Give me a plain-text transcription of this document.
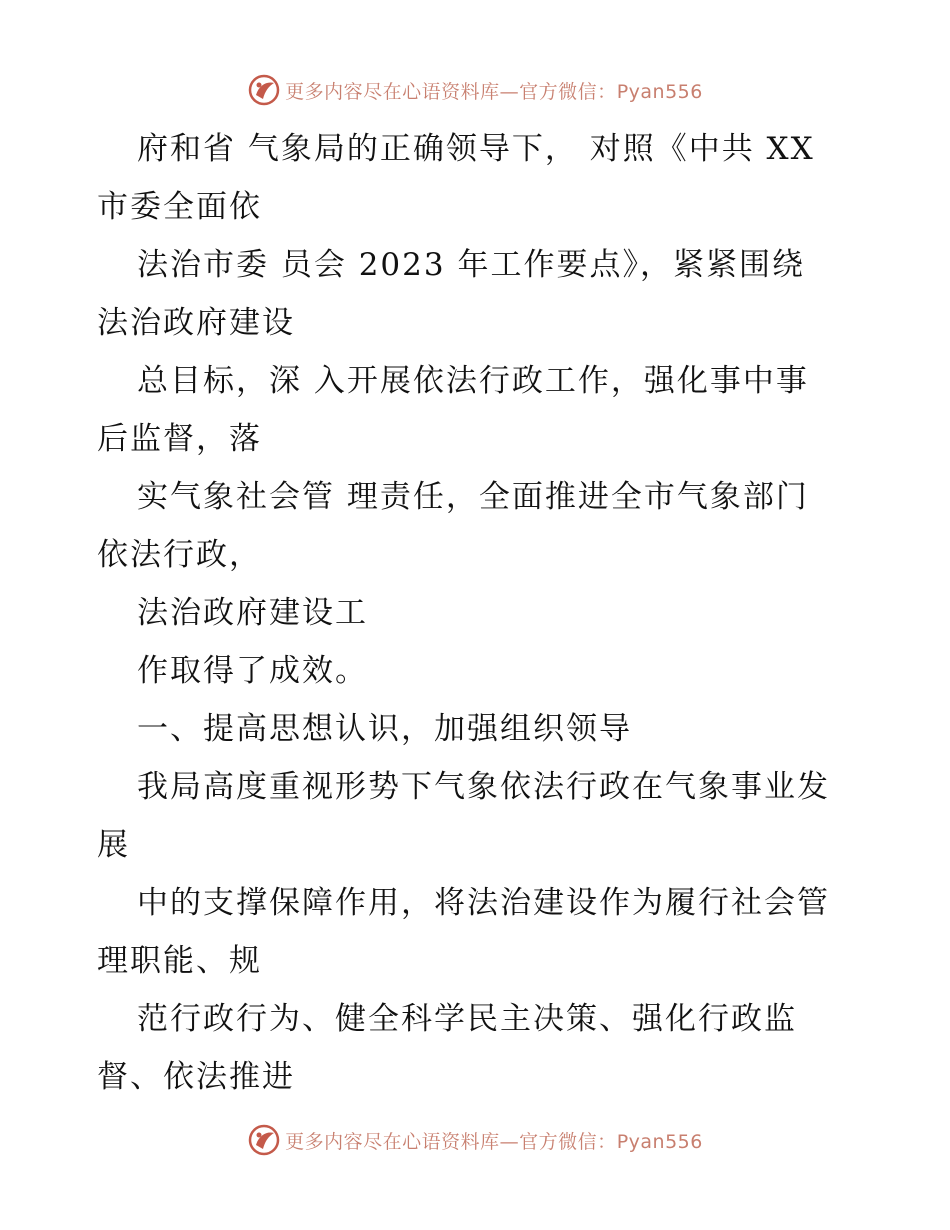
更多内容尽在心语资料库—官方微信：Pyan556
府和省 气象局的正确领导下， 对照《中共 XX
市委全面依
法治市委 员会 2023 年工作要点》，紧紧围绕
法治政府建设
总目标，深 入开展依法行政工作，强化事中事
后监督，落
实气象社会管 理责任，全面推进全市气象部门
依法行政，
法治政府建设工
作取得了成效。
一、提高思想认识，加强组织领导
我局高度重视形势下气象依法行政在气象事业发
展
中的支撑保障作用，将法治建设作为履行社会管
理职能、规
范行政行为、健全科学民主决策、强化行政监
督、依法推进
更多内容尽在心语资料库—官方微信：Pyan556
